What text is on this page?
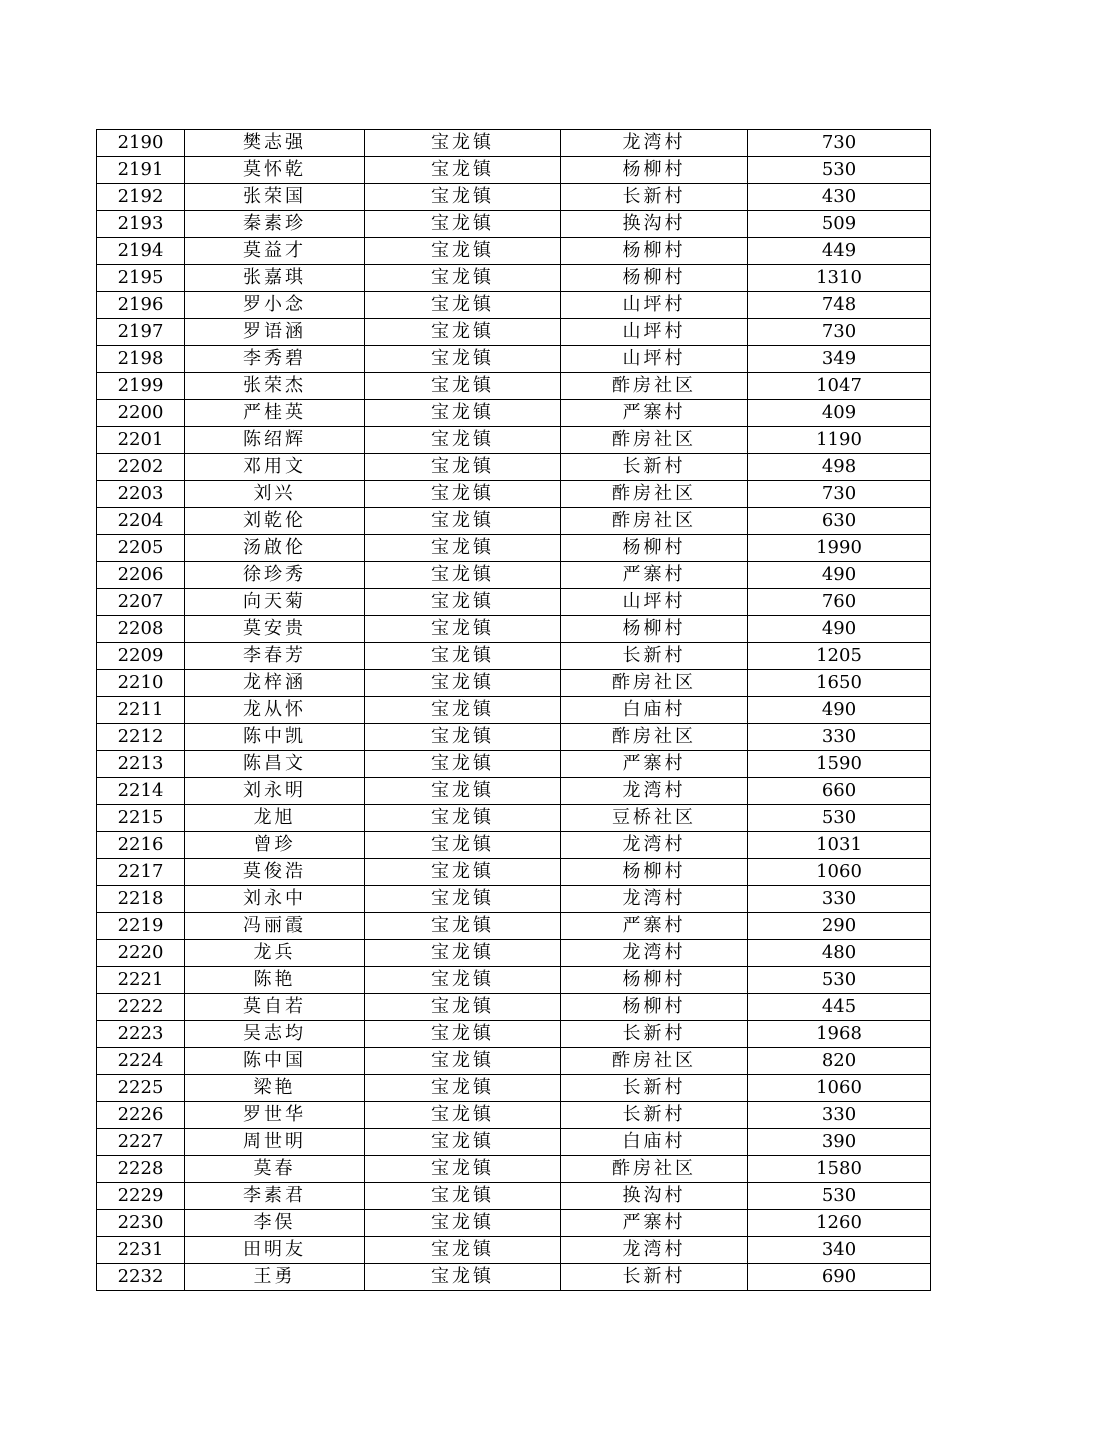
2190	樊志强	宝龙镇	龙湾村	730
2191	莫怀乾	宝龙镇	杨柳村	530
2192	张荣国	宝龙镇	长新村	430
2193	秦素珍	宝龙镇	换沟村	509
2194	莫益才	宝龙镇	杨柳村	449
2195	张嘉琪	宝龙镇	杨柳村	1310
2196	罗小念	宝龙镇	山坪村	748
2197	罗语涵	宝龙镇	山坪村	730
2198	李秀碧	宝龙镇	山坪村	349
2199	张荣杰	宝龙镇	酢房社区	1047
2200	严桂英	宝龙镇	严寨村	409
2201	陈绍辉	宝龙镇	酢房社区	1190
2202	邓用文	宝龙镇	长新村	498
2203	刘兴	宝龙镇	酢房社区	730
2204	刘乾伦	宝龙镇	酢房社区	630
2205	汤啟伦	宝龙镇	杨柳村	1990
2206	徐珍秀	宝龙镇	严寨村	490
2207	向天菊	宝龙镇	山坪村	760
2208	莫安贵	宝龙镇	杨柳村	490
2209	李春芳	宝龙镇	长新村	1205
2210	龙梓涵	宝龙镇	酢房社区	1650
2211	龙从怀	宝龙镇	白庙村	490
2212	陈中凯	宝龙镇	酢房社区	330
2213	陈昌文	宝龙镇	严寨村	1590
2214	刘永明	宝龙镇	龙湾村	660
2215	龙旭	宝龙镇	豆桥社区	530
2216	曾珍	宝龙镇	龙湾村	1031
2217	莫俊浩	宝龙镇	杨柳村	1060
2218	刘永中	宝龙镇	龙湾村	330
2219	冯丽霞	宝龙镇	严寨村	290
2220	龙兵	宝龙镇	龙湾村	480
2221	陈艳	宝龙镇	杨柳村	530
2222	莫自若	宝龙镇	杨柳村	445
2223	吴志均	宝龙镇	长新村	1968
2224	陈中国	宝龙镇	酢房社区	820
2225	梁艳	宝龙镇	长新村	1060
2226	罗世华	宝龙镇	长新村	330
2227	周世明	宝龙镇	白庙村	390
2228	莫春	宝龙镇	酢房社区	1580
2229	李素君	宝龙镇	换沟村	530
2230	李俣	宝龙镇	严寨村	1260
2231	田明友	宝龙镇	龙湾村	340
2232	王勇	宝龙镇	长新村	690
